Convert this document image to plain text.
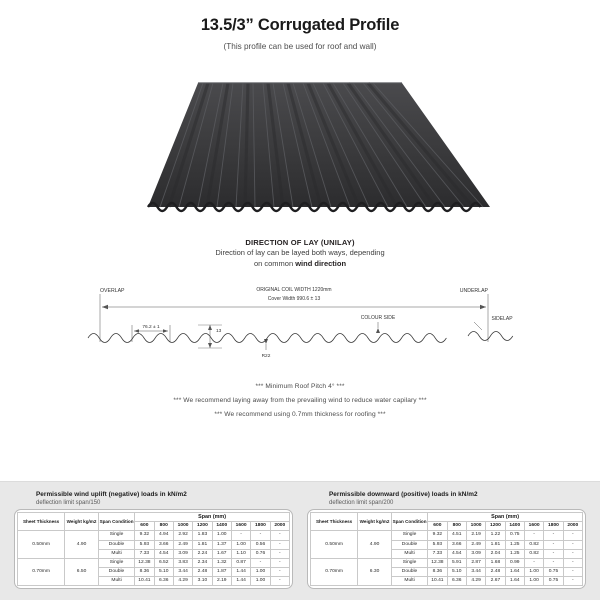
13.5/3” Corrugated Profile

(This profile can be used for roof and wall)

DIRECTION OF LAY (UNILAY)
Direction of lay can be layed both ways, depending
on common wind direction
OVERLAP	UNDERLAP
ORIGINAL COIL WIDTH 1220mm
Cover Width 990.6 ± 13
76.2 ± 1
13
R22
COLOUR SIDE	SIDELAP
*** Minimum Roof Pitch 4° ***
*** We recommend laying away from the prevailing wind to reduce water capilary ***
*** We recommend using 0.7mm thickness for roofing ***
Permissible wind uplift (negative) loads in kN/m2
deflection limit span/150
Sheet Thickness	Weight kg/m2	Span Condition	Span (mm)							
			600	800	1000	1200	1400	1600	1800	2000
0.50mm	4.90	Single	9.32	4.94	2.92	1.83	1.00	-	-	-
		Double	5.93	3.66	2.49	1.81	1.37	1.00	0.56	-
		Multi	7.33	4.54	3.09	2.24	1.67	1.10	0.76	-
0.70mm	6.50	Single	12.38	6.52	3.83	2.34	1.32	0.87	-	-
		Double	8.36	5.10	3.44	2.48	1.87	1.44	1.00	-
		Multi	10.41	6.36	4.29	3.10	2.19	1.44	1.00	-
Permissible downward (positive) loads in kN/m2
deflection limit span/200
Sheet Thickness	Weight kg/m2	Span Condition	Span (mm)							
			600	800	1000	1200	1400	1600	1800	2000
0.50mm	4.90	Single	9.32	4.51	2.19	1.22	0.75	-	-	-
		Double	5.93	3.66	2.49	1.81	1.25	0.82	-	-
		Multi	7.33	4.54	3.09	2.04	1.25	0.82	-	-
0.70mm	6.30	Single	12.38	5.91	2.87	1.68	0.99	-	-	-
		Double	8.36	5.10	3.44	2.48	1.64	1.00	0.75	-
		Multi	10.41	6.36	4.29	2.67	1.64	1.00	0.75	-
